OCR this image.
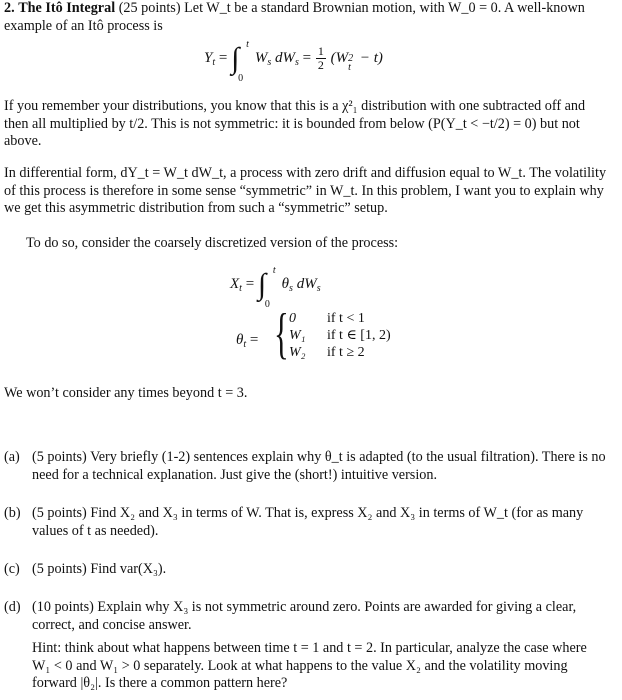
2. The Itô Integral (25 points) Let W_t be a standard Brownian motion, with W_0 = 0. A well-known example of an Itô process is
$Y_t$ = ∫ t
0
$W_s$ $dW_s = \frac{1}{2} (W$ 2
t
− t)
If you remember your distributions, you know that this is a χ²₁ distribution with one subtracted off and then all multiplied by t/2. This is not symmetric: it is bounded from below (P(Y_t < −t/2) = 0) but not above.
In differential form, dY_t = W_t dW_t, a process with zero drift and diffusion equal to W_t. The volatility of this process is therefore in some sense “symmetric” in W_t. In this problem, I want you to explain why we get this asymmetric distribution from such a “symmetric” setup.
To do so, consider the coarsely discretized version of the process:
$X_t$ = ∫ t
0
$\theta_s$ $dW_s$
$\theta_t$ = { 0 if t < 1
W₁ if t ∈ [1, 2)
W₂ if t ≥ 2
We won’t consider any times beyond t = 3.
(a) (5 points) Very briefly (1-2) sentences explain why θ_t is adapted (to the usual filtration). There is no need for a technical explanation. Just give the (short!) intuitive version.
(b) (5 points) Find X₂ and X₃ in terms of W. That is, express X₂ and X₃ in terms of W_t (for as many values of t as needed).
(c) (5 points) Find var(X₃).
(d) (10 points) Explain why X₃ is not symmetric around zero. Points are awarded for giving a clear, correct, and concise answer.
Hint: think about what happens between time t = 1 and t = 2. In particular, analyze the case where W₁ < 0 and W₁ > 0 separately. Look at what happens to the value X₂ and the volatility moving forward |θ₂|. Is there a common pattern here?
